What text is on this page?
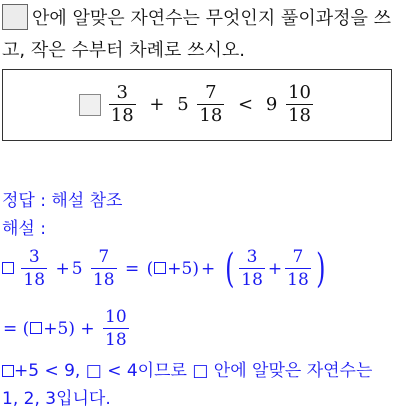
안에 알맞은 자연수는 무엇인지 풀이과정을 쓰
고, 작은 수부터 차례로 쓰시오.

$\frac{3}{18} + 5 \frac{7}{18} < 9 \frac{10}{18}$
정답 : 해설 참조
해설 :

$\frac{3}{18} + 5 \frac{7}{18}$ = ( +5) + ( $\frac{3}{18} + \frac{7}{18}$ )
= ( $+5) + \frac{10}{18}$
+5 < 9, □ < 4이므로 □ 안에 알맞은 자연수는
1, 2, 3입니다.
